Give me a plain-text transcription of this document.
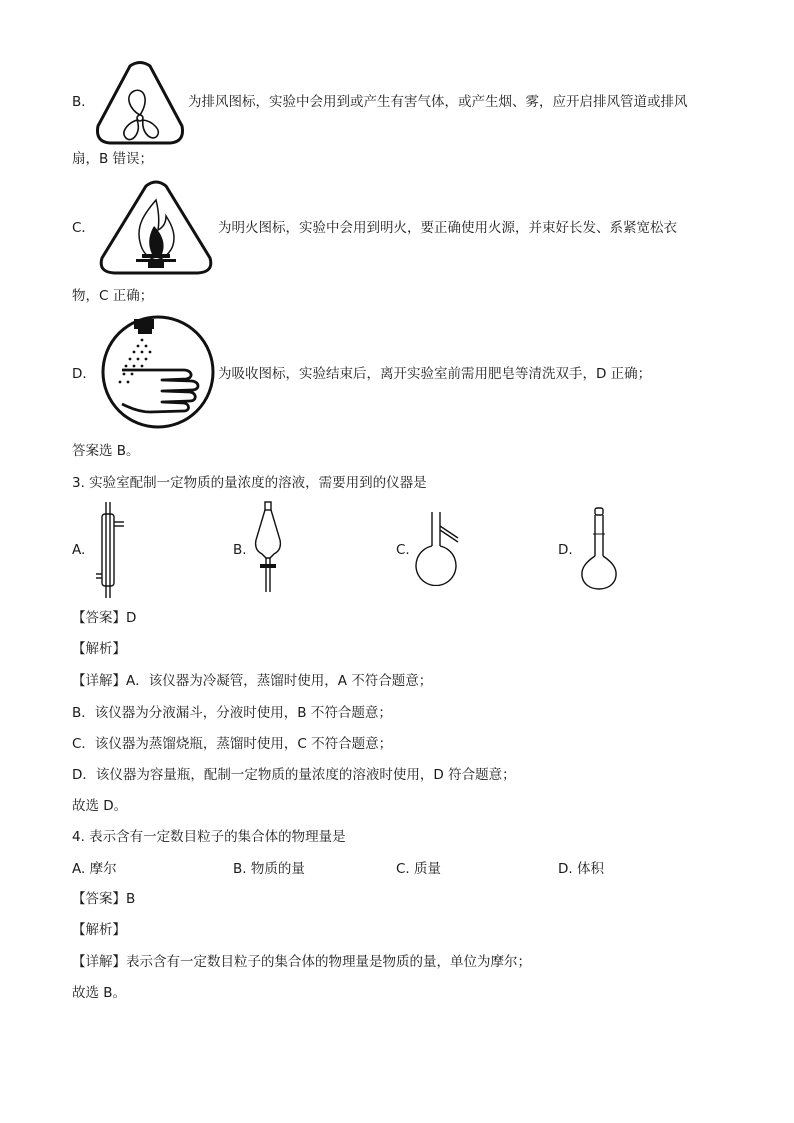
B．	为排风图标，实验中会用到或产生有害气体，或产生烟、雾，应开启排风管道或排风
扇，B 错误；
C．	为明火图标，实验中会用到明火，要正确使用火源，并束好长发、系紧宽松衣
物，C 正确；
D．	为吸收图标，实验结束后，离开实验室前需用肥皂等清洗双手，D 正确；
答案选 B。
3. 实验室配制一定物质的量浓度的溶液，需要用到的仪器是
A.	B.	C.	D.
【答案】D
【解析】
【详解】A．该仪器为冷凝管，蒸馏时使用，A 不符合题意；
B．该仪器为分液漏斗，分液时使用，B 不符合题意；
C．该仪器为蒸馏烧瓶，蒸馏时使用，C 不符合题意；
D．该仪器为容量瓶，配制一定物质的量浓度的溶液时使用，D 符合题意；
故选 D。
4. 表示含有一定数目粒子的集合体的物理量是
A. 摩尔	B. 物质的量	C. 质量	D. 体积
【答案】B
【解析】
【详解】表示含有一定数目粒子的集合体的物理量是物质的量，单位为摩尔；
故选 B。
